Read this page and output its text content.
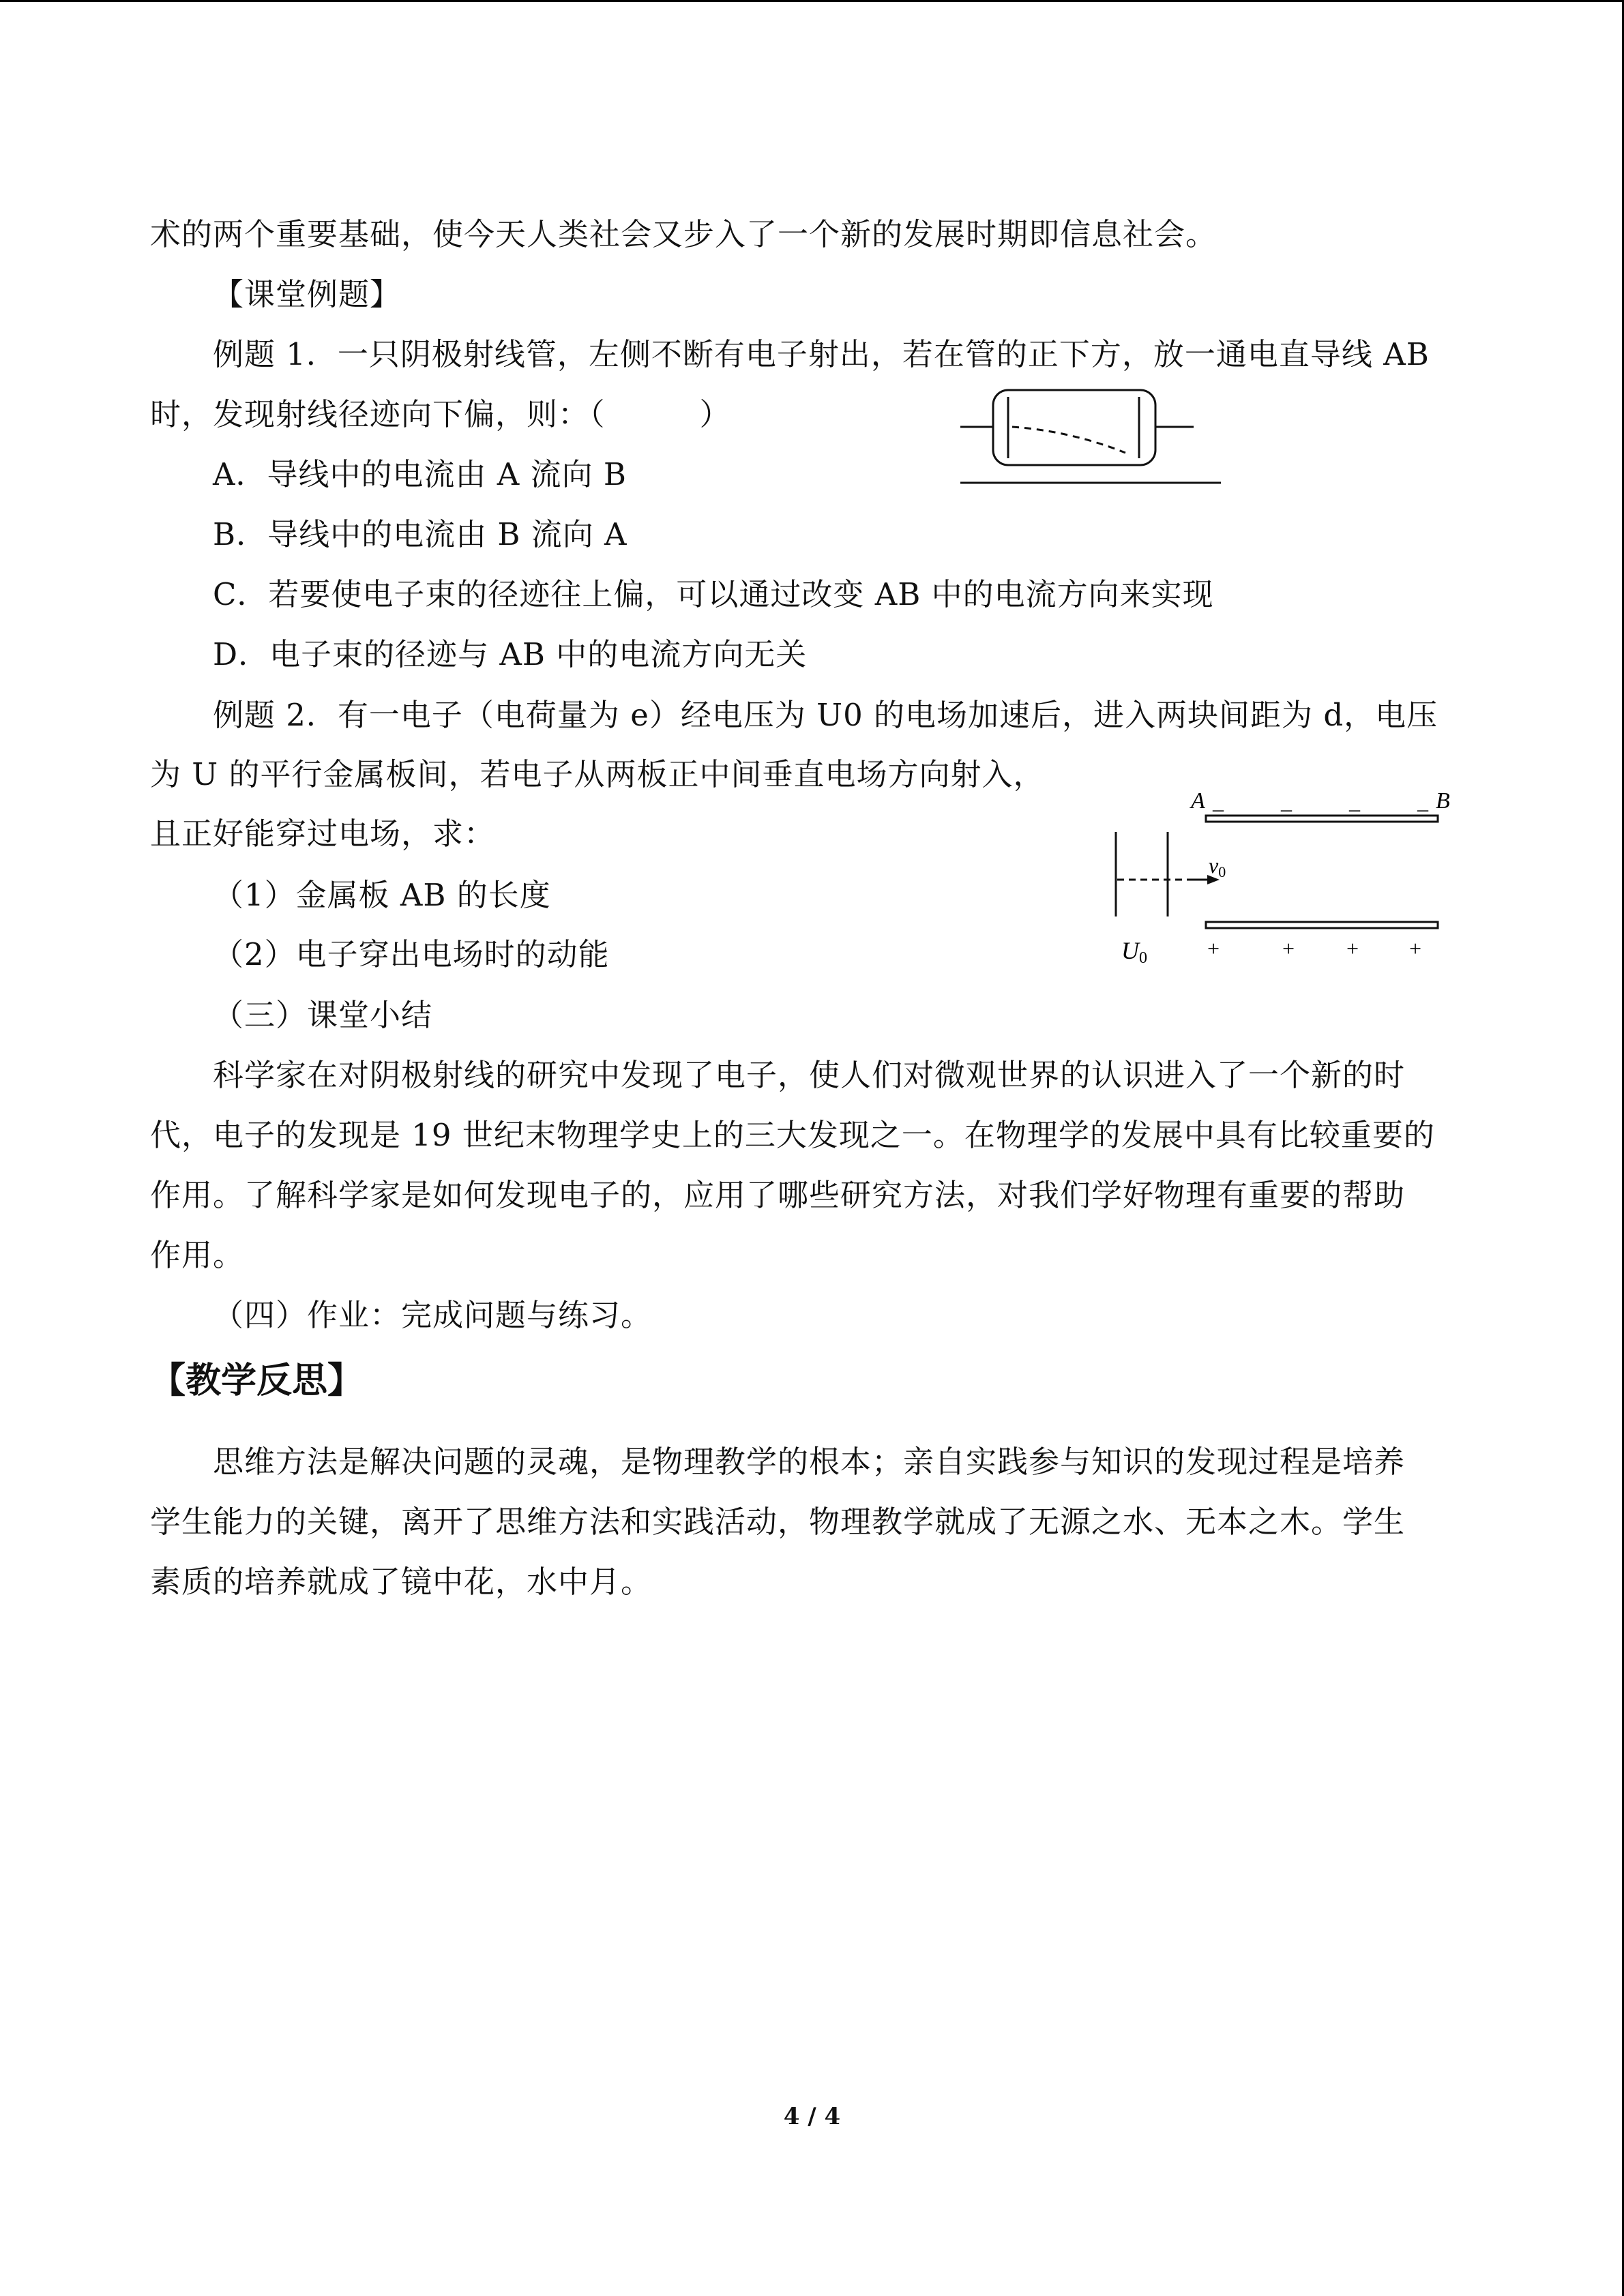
术的两个重要基础，使今天人类社会又步入了一个新的发展时期即信息社会。
【课堂例题】
例题 1．一只阴极射线管，左侧不断有电子射出，若在管的正下方，放一通电直导线 AB
时，发现射线径迹向下偏，则：（　　　）
A．导线中的电流由 A 流向 B
B．导线中的电流由 B 流向 A
C．若要使电子束的径迹往上偏，可以通过改变 AB 中的电流方向来实现
D．电子束的径迹与 AB 中的电流方向无关
例题 2．有一电子（电荷量为 e）经电压为 U0 的电场加速后，进入两块间距为 d，电压
为 U 的平行金属板间，若电子从两板正中间垂直电场方向射入，
且正好能穿过电场，求：
（1）金属板 AB 的长度
（2）电子穿出电场时的动能
A	B
_	_	_	_
v0
U0	+	+ + +
（三）课堂小结
科学家在对阴极射线的研究中发现了电子，使人们对微观世界的认识进入了一个新的时
代，电子的发现是 19 世纪末物理学史上的三大发现之一。在物理学的发展中具有比较重要的
作用。了解科学家是如何发现电子的，应用了哪些研究方法，对我们学好物理有重要的帮助
作用。
（四）作业：完成问题与练习。
【教学反思】
思维方法是解决问题的灵魂，是物理教学的根本；亲自实践参与知识的发现过程是培养
学生能力的关键，离开了思维方法和实践活动，物理教学就成了无源之水、无本之木。学生
素质的培养就成了镜中花，水中月。
4 / 4
